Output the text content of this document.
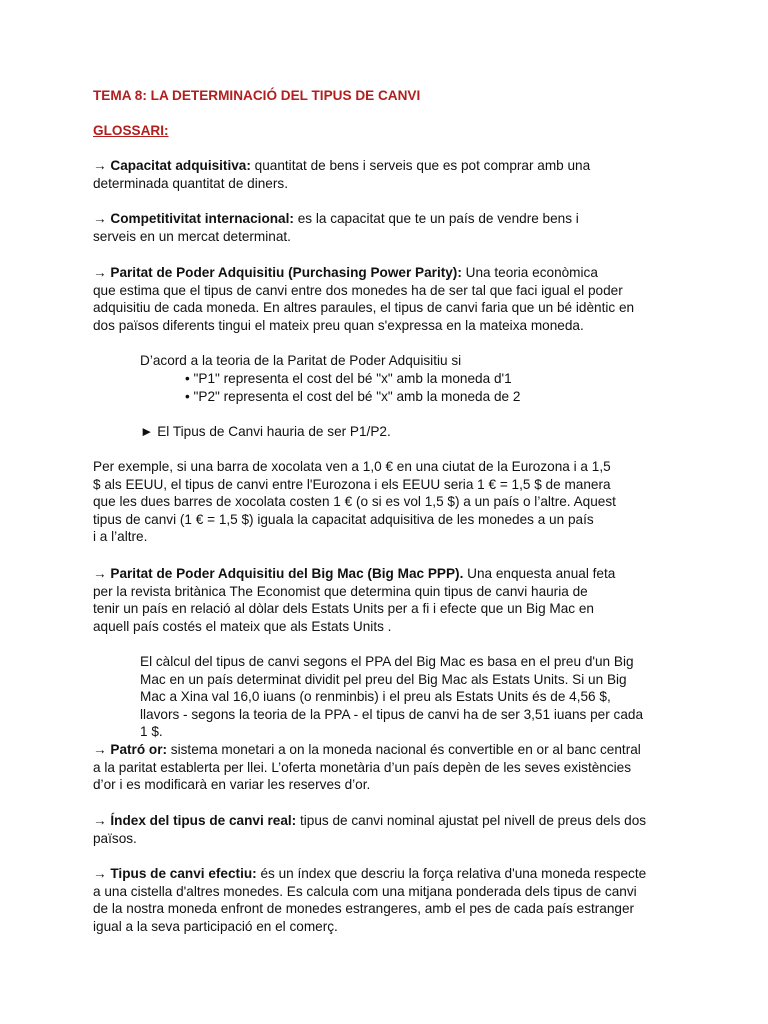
TEMA 8: LA DETERMINACIÓ DEL TIPUS DE CANVI

GLOSSARI:

→ Capacitat adquisitiva: quantitat de bens i serveis que es pot comprar amb una

determinada quantitat de diners.

→ Competitivitat internacional: es la capacitat que te un país de vendre bens i

serveis en un mercat determinat.

→ Paritat de Poder Adquisitiu (Purchasing Power Parity): Una teoria econòmica

que estima que el tipus de canvi entre dos monedes ha de ser tal que faci igual el poder

adquisitiu de cada moneda. En altres paraules, el tipus de canvi faria que un bé idèntic en

dos països diferents tingui el mateix preu quan s'expressa en la mateixa moneda.

D’acord a la teoria de la Paritat de Poder Adquisitiu si

• "P1" representa el cost del bé "x" amb la moneda d'1

• "P2" representa el cost del bé "x" amb la moneda de 2

► El Tipus de Canvi hauria de ser P1/P2.

Per exemple, si una barra de xocolata ven a 1,0 € en una ciutat de la Eurozona i a 1,5

$ als EEUU, el tipus de canvi entre l'Eurozona i els EEUU seria 1 € = 1,5 $ de manera

que les dues barres de xocolata costen 1 € (o si es vol 1,5 $) a un país o l’altre. Aquest

tipus de canvi (1 € = 1,5 $) iguala la capacitat adquisitiva de les monedes a un país

i a l’altre.

→ Paritat de Poder Adquisitiu del Big Mac (Big Mac PPP). Una enquesta anual feta

per la revista britànica The Economist que determina quin tipus de canvi hauria de

tenir un país en relació al dòlar dels Estats Units per a fi i efecte que un Big Mac en

aquell país costés el mateix que als Estats Units .

El càlcul del tipus de canvi segons el PPA del Big Mac es basa en el preu d'un Big

Mac en un país determinat dividit pel preu del Big Mac als Estats Units. Si un Big

Mac a Xina val 16,0 iuans (o renminbis) i el preu als Estats Units és de 4,56 $,

llavors - segons la teoria de la PPA - el tipus de canvi ha de ser 3,51 iuans per cada

1 $.

→ Patró or: sistema monetari a on la moneda nacional és convertible en or al banc central

a la paritat establerta per llei. L’oferta monetària d’un país depèn de les seves existències

d’or i es modificarà en variar les reserves d’or.

→ Índex del tipus de canvi real: tipus de canvi nominal ajustat pel nivell de preus dels dos

països.

→ Tipus de canvi efectiu: és un índex que descriu la força relativa d'una moneda respecte

a una cistella d'altres monedes. Es calcula com una mitjana ponderada dels tipus de canvi

de la nostra moneda enfront de monedes estrangeres, amb el pes de cada país estranger

igual a la seva participació en el comerç.
